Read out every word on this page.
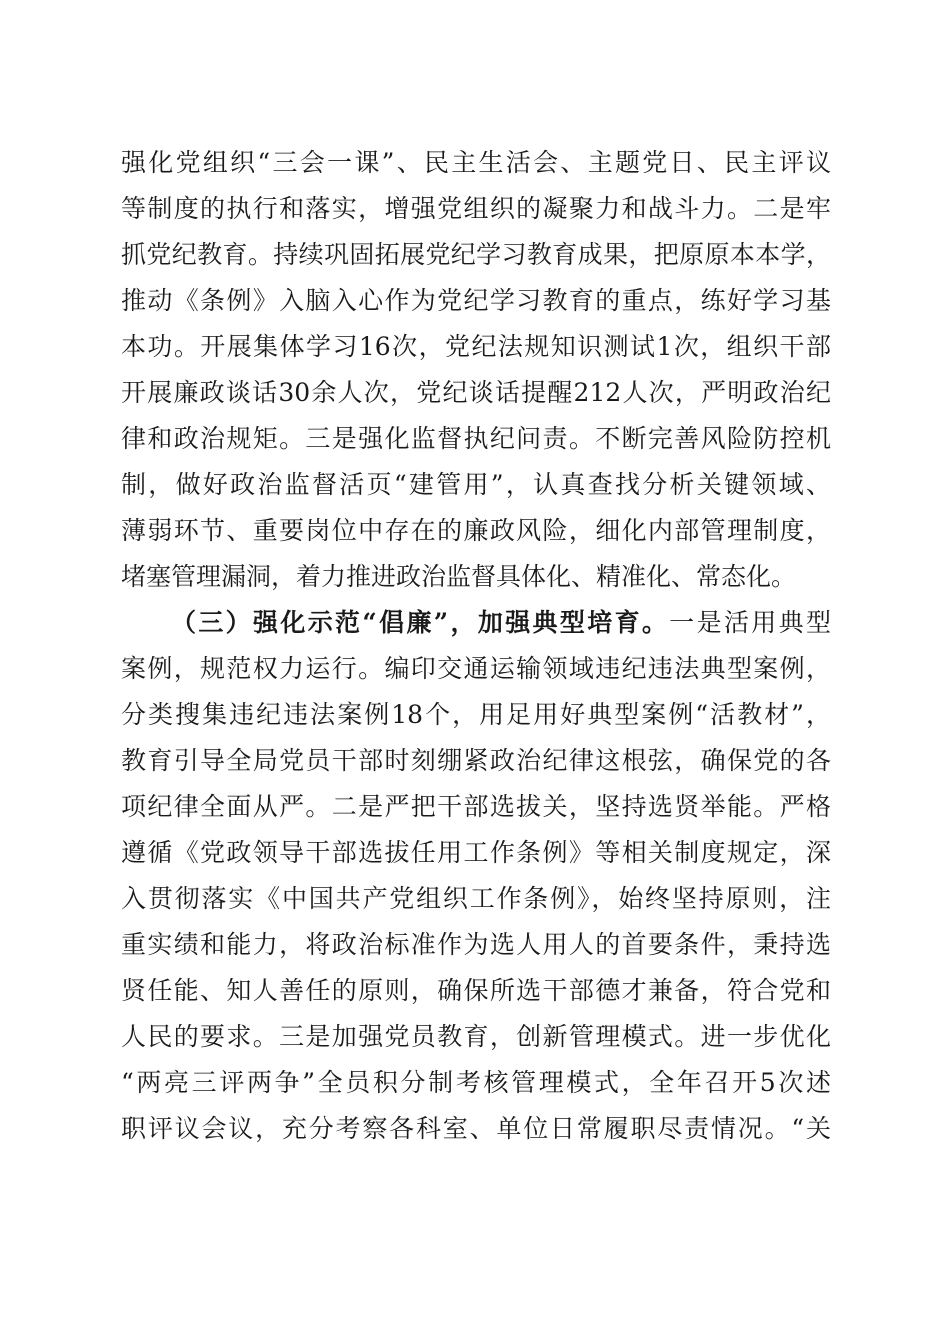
强化党组织“三会一课”、民主生活会、主题党日、民主评议
等制度的执行和落实，增强党组织的凝聚力和战斗力。二是牢
抓党纪教育。持续巩固拓展党纪学习教育成果，把原原本本学，
推动《条例》入脑入心作为党纪学习教育的重点，练好学习基
本功。开展集体学习16次，党纪法规知识测试1次，组织干部
开展廉政谈话30余人次，党纪谈话提醒212人次，严明政治纪
律和政治规矩。三是强化监督执纪问责。不断完善风险防控机
制，做好政治监督活页“建管用”，认真查找分析关键领域、
薄弱环节、重要岗位中存在的廉政风险，细化内部管理制度，
堵塞管理漏洞，着力推进政治监督具体化、精准化、常态化。
（三）强化示范“倡廉”，加强典型培育。一是活用典型
案例，规范权力运行。编印交通运输领域违纪违法典型案例，
分类搜集违纪违法案例18个，用足用好典型案例“活教材”，
教育引导全局党员干部时刻绷紧政治纪律这根弦，确保党的各
项纪律全面从严。二是严把干部选拔关，坚持选贤举能。严格
遵循《党政领导干部选拔任用工作条例》等相关制度规定，深
入贯彻落实《中国共产党组织工作条例》，始终坚持原则，注
重实绩和能力，将政治标准作为选人用人的首要条件，秉持选
贤任能、知人善任的原则，确保所选干部德才兼备，符合党和
人民的要求。三是加强党员教育，创新管理模式。进一步优化
“两亮三评两争”全员积分制考核管理模式，全年召开5次述
职评议会议，充分考察各科室、单位日常履职尽责情况。“关
